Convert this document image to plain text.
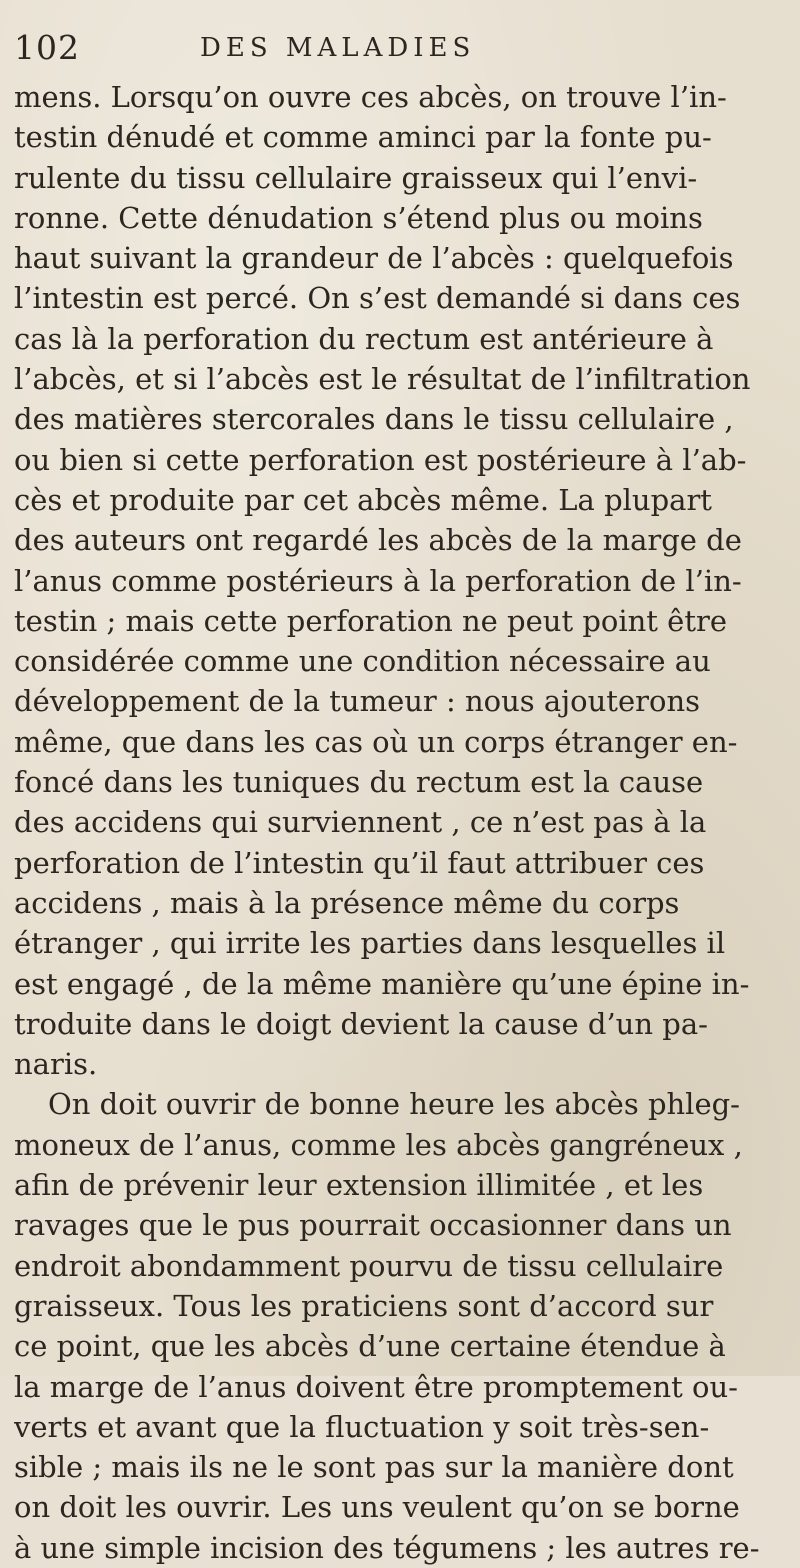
102	DES MALADIES
mens. Lorsqu’on ouvre ces abcès, on trouve l’in-
testin dénudé et comme aminci par la fonte pu-
rulente du tissu cellulaire graisseux qui l’envi-
ronne. Cette dénudation s’étend plus ou moins
haut suivant la grandeur de l’abcès : quelquefois
l’intestin est percé. On s’est demandé si dans ces
cas là la perforation du rectum est antérieure à
l’abcès, et si l’abcès est le résultat de l’infiltration
des matières stercorales dans le tissu cellulaire ,
ou bien si cette perforation est postérieure à l’ab-
cès et produite par cet abcès même. La plupart
des auteurs ont regardé les abcès de la marge de
l’anus comme postérieurs à la perforation de l’in-
testin ; mais cette perforation ne peut point être
considérée comme une condition nécessaire au
développement de la tumeur : nous ajouterons
même, que dans les cas où un corps étranger en-
foncé dans les tuniques du rectum est la cause
des accidens qui surviennent , ce n’est pas à la
perforation de l’intestin qu’il faut attribuer ces
accidens , mais à la présence même du corps
étranger , qui irrite les parties dans lesquelles il
est engagé , de la même manière qu’une épine in-
troduite dans le doigt devient la cause d’un pa-
naris.
On doit ouvrir de bonne heure les abcès phleg-
moneux de l’anus, comme les abcès gangréneux ,
afin de prévenir leur extension illimitée , et les
ravages que le pus pourrait occasionner dans un
endroit abondamment pourvu de tissu cellulaire
graisseux. Tous les praticiens sont d’accord sur
ce point, que les abcès d’une certaine étendue à
la marge de l’anus doivent être promptement ou-
verts et avant que la fluctuation y soit très-sen-
sible ; mais ils ne le sont pas sur la manière dont
on doit les ouvrir. Les uns veulent qu’on se borne
à une simple incision des tégumens ; les autres re-
